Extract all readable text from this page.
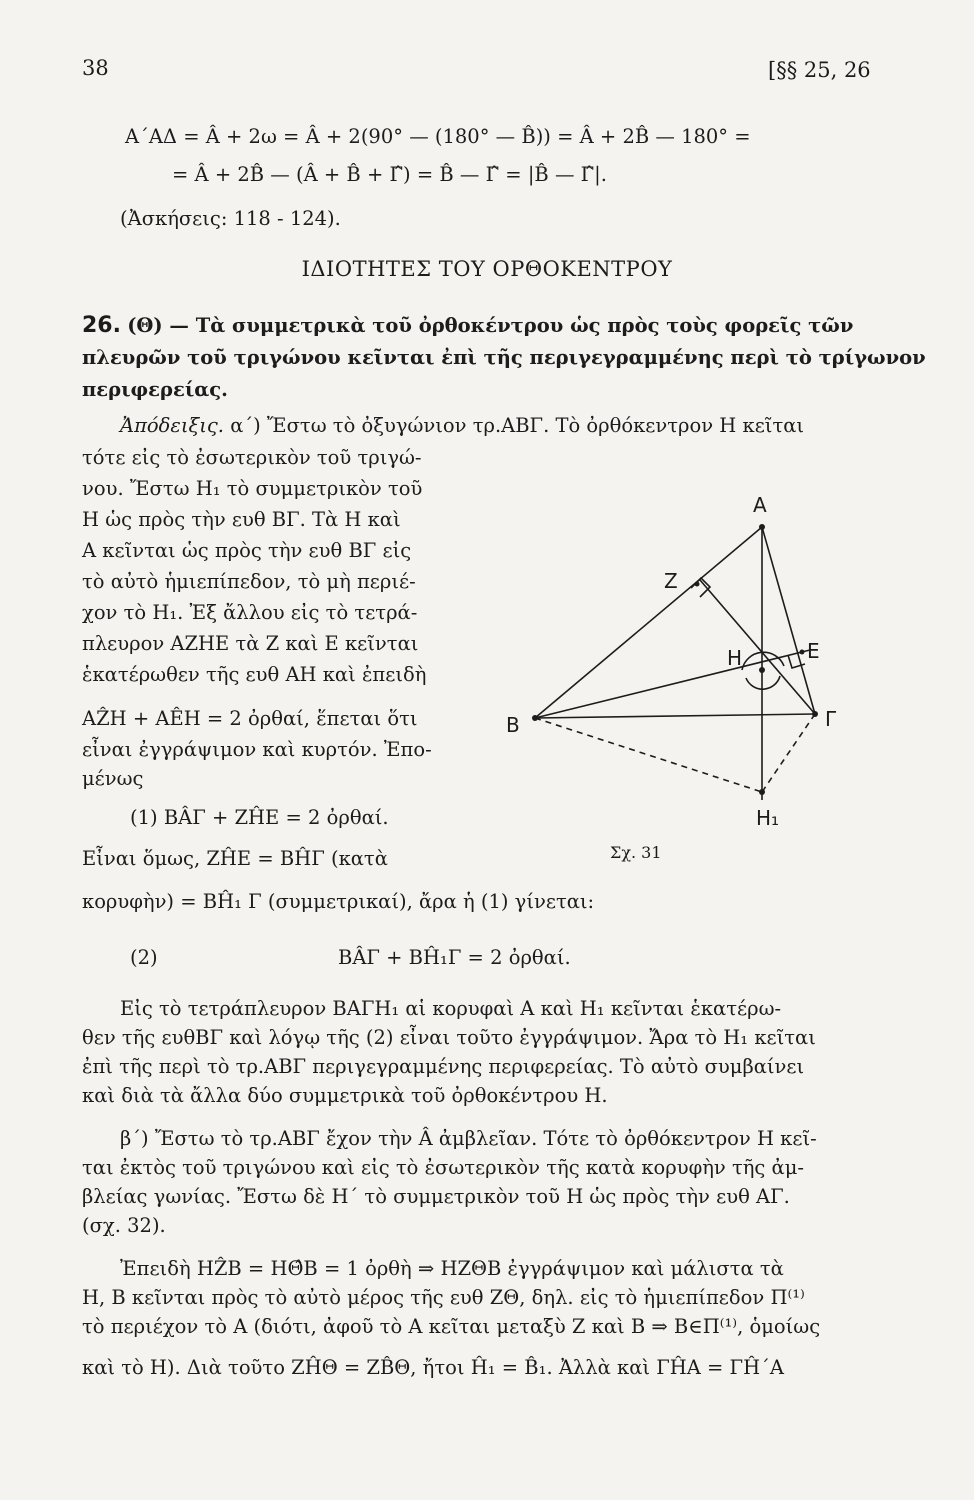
38	[§§ 25, 26
Α΄ΑΔ = Â + 2ω = Â + 2(90° — (180° — B̂)) = Â + 2B̂ — 180° =
= Â + 2B̂ — (Â + B̂ + Γ̂) = B̂ — Γ̂ = |B̂ — Γ̂|.
(Ἀσκήσεις: 118 - 124).
ΙΔΙΟΤΗΤΕΣ ΤΟΥ ΟΡΘΟΚΕΝΤΡΟΥ
26. (Θ) — Τὰ συμμετρικὰ τοῦ ὀρθοκέντρου ὡς πρὸς τοὺς φορεῖς τῶν
πλευρῶν τοῦ τριγώνου κεῖνται ἐπὶ τῆς περιγεγραμμένης περὶ τὸ τρίγωνον
περιφερείας.
Ἀπόδειξις. α΄) Ἔστω τὸ ὀξυγώνιον τρ.ΑΒΓ. Τὸ ὀρθόκεντρον Η κεῖται
τότε εἰς τὸ ἐσωτερικὸν τοῦ τριγώ-
νου. Ἔστω Η₁ τὸ συμμετρικὸν τοῦ
Η ὡς πρὸς τὴν ευθ ΒΓ. Τὰ Η καὶ
Α κεῖνται ὡς πρὸς τὴν ευθ ΒΓ εἰς
τὸ αὐτὸ ἡμιεπίπεδον, τὸ μὴ περιέ-
χον τὸ Η₁. Ἐξ ἄλλου εἰς τὸ τετρά-
πλευρον ΑΖΗΕ τὰ Ζ καὶ Ε κεῖνται
ἑκατέρωθεν τῆς ευθ ΑΗ καὶ ἐπειδὴ
ΑẐΗ + ΑÊΗ = 2 ὀρθαί, ἕπεται ὅτι
εἶναι ἐγγράψιμον καὶ κυρτόν. Ἐπο-
μένως
(1) ΒÂΓ + ΖĤΕ = 2 ὀρθαί.
Εἶναι ὅμως, ΖĤΕ = ΒĤΓ (κατὰ
κορυφὴν) = ΒĤ₁ Γ (συμμετρικαί), ἄρα ἡ (1) γίνεται:
(2)	ΒÂΓ + ΒĤ₁Γ = 2 ὀρθαί.
Εἰς τὸ τετράπλευρον ΒΑΓΗ₁ αἱ κορυφαὶ Α καὶ Η₁ κεῖνται ἑκατέρω-
θεν τῆς ευθΒΓ καὶ λόγῳ τῆς (2) εἶναι τοῦτο ἐγγράψιμον. Ἄρα τὸ Η₁ κεῖται
ἐπὶ τῆς περὶ τὸ τρ.ΑΒΓ περιγεγραμμένης περιφερείας. Τὸ αὐτὸ συμβαίνει
καὶ διὰ τὰ ἄλλα δύο συμμετρικὰ τοῦ ὀρθοκέντρου Η.
β΄) Ἔστω τὸ τρ.ΑΒΓ ἔχον τὴν Â ἀμβλεῖαν. Τότε τὸ ὀρθόκεντρον Η κεῖ-
ται ἐκτὸς τοῦ τριγώνου καὶ εἰς τὸ ἐσωτερικὸν τῆς κατὰ κορυφὴν τῆς ἀμ-
βλείας γωνίας. Ἔστω δὲ Η΄ τὸ συμμετρικὸν τοῦ Η ὡς πρὸς τὴν ευθ ΑΓ.
(σχ. 32).
Ἐπειδὴ ΗẐΒ = ΗΘ̂Β = 1 ὀρθὴ ⇒ ΗΖΘΒ ἐγγράψιμον καὶ μάλιστα τὰ
Η, Β κεῖνται πρὸς τὸ αὐτὸ μέρος τῆς ευθ ΖΘ, δηλ. εἰς τὸ ἡμιεπίπεδον Π⁽¹⁾
τὸ περιέχον τὸ Α (διότι, ἀφοῦ τὸ Α κεῖται μεταξὺ Ζ καὶ Β ⇒ Β∈Π⁽¹⁾, ὁμοίως
καὶ τὸ Η). Διὰ τοῦτο ΖĤΘ = ΖB̂Θ, ἤτοι Ĥ₁ = B̂₁. Ἀλλὰ καὶ ΓĤΑ = ΓĤ΄Α
Α
Ζ
Ε
Η
Β	Γ
Η₁
Σχ. 31
